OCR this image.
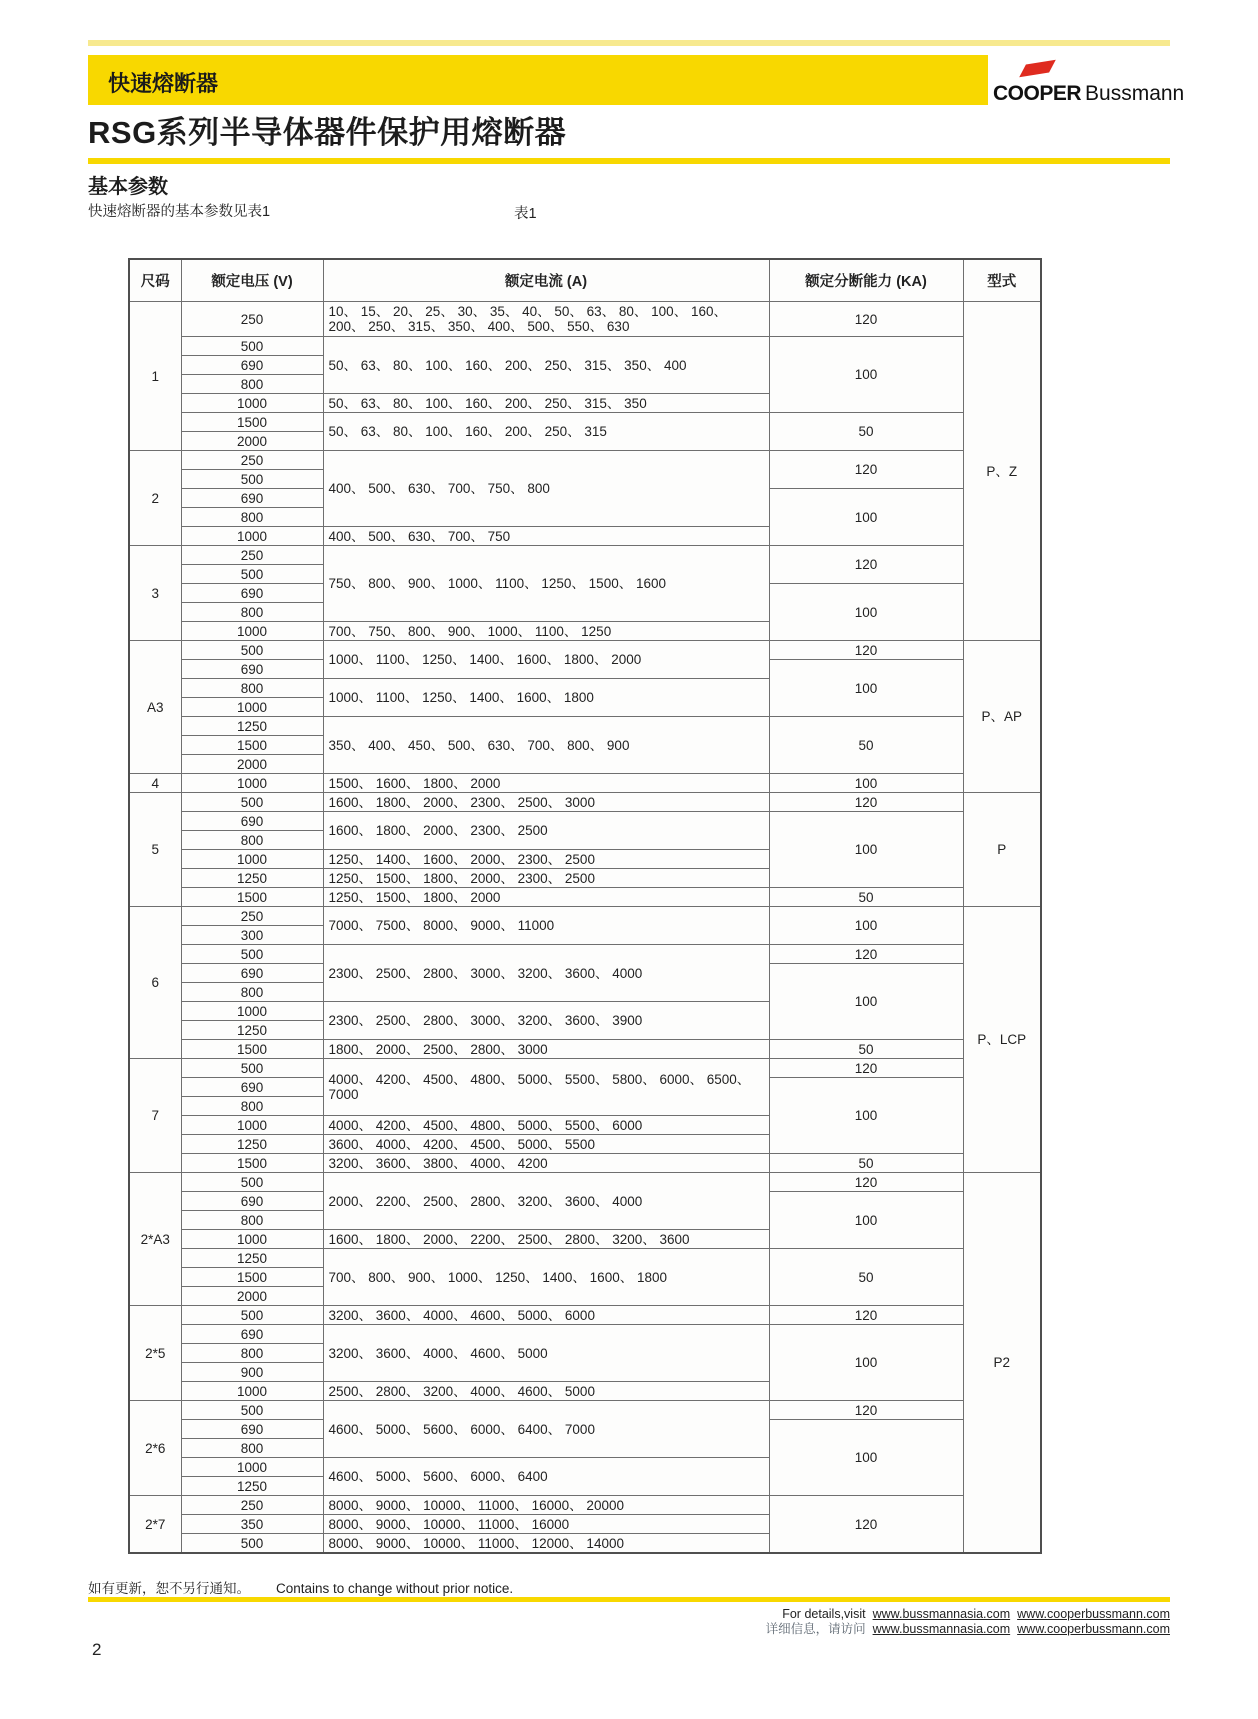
快速熔断器	COOPER Bussmann
RSG系列半导体器件保护用熔断器
基本参数
快速熔断器的基本参数见表1	表1
尺码	额定电压 (V)	额定电流 (A)	额定分断能力 (KA)	型式
1	250	10、 15、 20、 25、 30、 35、 40、 50、 63、 80、 100、 160、 200、 250、 315、 350、 400、 500、 550、 630	120	P、Z
	500	50、 63、 80、 100、 160、 200、 250、 315、 350、 400	100	
	690			
	800			
	1000	50、 63、 80、 100、 160、 200、 250、 315、 350		
	1500	50、 63、 80、 100、 160、 200、 250、 315	50	
	2000			
2	250	400、 500、 630、 700、 750、 800	120	
	500			
	690		100	
	800			
	1000	400、 500、 630、 700、 750		
3	250	750、 800、 900、 1000、 1100、 1250、 1500、 1600	120	
	500			
	690		100	
	800			
	1000	700、 750、 800、 900、 1000、 1100、 1250		
A3	500	1000、 1100、 1250、 1400、 1600、 1800、 2000	120	P、AP
	690		100	
	800	1000、 1100、 1250、 1400、 1600、 1800		
	1000			
	1250	350、 400、 450、 500、 630、 700、 800、 900	50	
	1500			
	2000			
4	1000	1500、 1600、 1800、 2000	100	
5	500	1600、 1800、 2000、 2300、 2500、 3000	120	P
	690	1600、 1800、 2000、 2300、 2500	100	
	800			
	1000	1250、 1400、 1600、 2000、 2300、 2500		
	1250	1250、 1500、 1800、 2000、 2300、 2500		
	1500	1250、 1500、 1800、 2000	50	
6	250	7000、 7500、 8000、 9000、 11000	100	P、LCP
	300			
	500	2300、 2500、 2800、 3000、 3200、 3600、 4000	120	
	690		100	
	800			
	1000	2300、 2500、 2800、 3000、 3200、 3600、 3900		
	1250			
	1500	1800、 2000、 2500、 2800、 3000	50	
7	500	4000、 4200、 4500、 4800、 5000、 5500、 5800、 6000、 6500、 7000	120	
	690		100	
	800			
	1000	4000、 4200、 4500、 4800、 5000、 5500、 6000		
	1250	3600、 4000、 4200、 4500、 5000、 5500		
	1500	3200、 3600、 3800、 4000、 4200	50	
2*A3	500	2000、 2200、 2500、 2800、 3200、 3600、 4000	120	P2
	690		100	
	800			
	1000	1600、 1800、 2000、 2200、 2500、 2800、 3200、 3600		
	1250	700、 800、 900、 1000、 1250、 1400、 1600、 1800	50	
	1500			
	2000			
2*5	500	3200、 3600、 4000、 4600、 5000、 6000	120	
	690	3200、 3600、 4000、 4600、 5000	100	
	800			
	900			
	1000	2500、 2800、 3200、 4000、 4600、 5000		
2*6	500	4600、 5000、 5600、 6000、 6400、 7000	120	
	690		100	
	800			
	1000	4600、 5000、 5600、 6000、 6400		
	1250			
2*7	250	8000、 9000、 10000、 11000、 16000、 20000	120	
	350	8000、 9000、 10000、 11000、 16000		
	500	8000、 9000、 10000、 11000、 12000、 14000		
如有更新，恕不另行通知。 Contains to change without prior notice.
For details,visit www.bussmannasia.com www.cooperbussmann.com
详细信息，请访问 www.bussmannasia.com www.cooperbussmann.com
2
